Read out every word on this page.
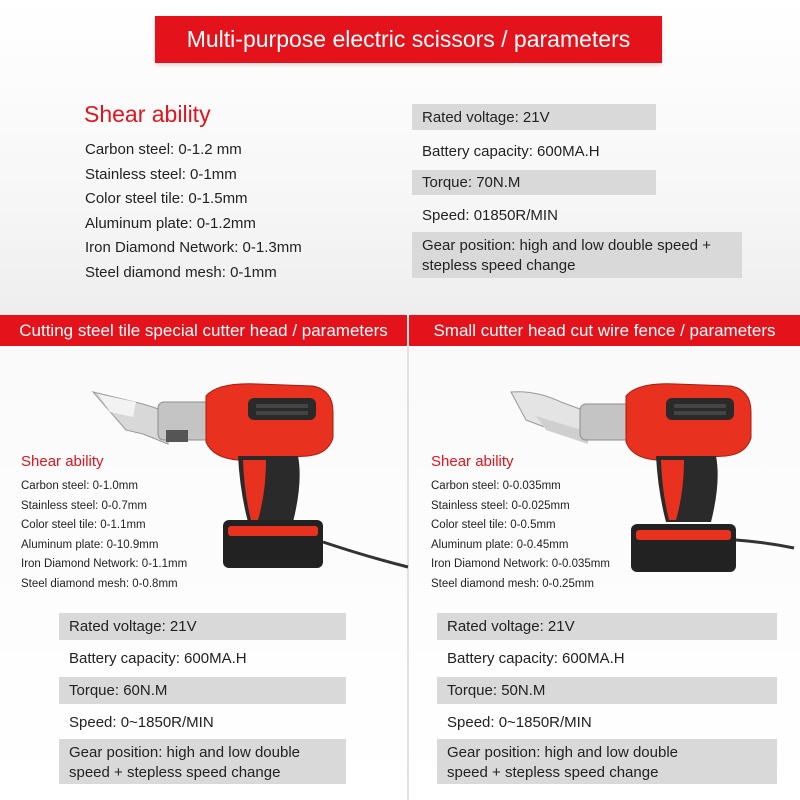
Multi-purpose electric scissors / parameters
Shear ability
Carbon steel: 0-1.2 mm
Stainless steel: 0-1mm
Color steel tile: 0-1.5mm
Aluminum plate: 0-1.2mm
Iron Diamond Network: 0-1.3mm
Steel diamond mesh: 0-1mm
Rated voltage: 21V
Battery capacity: 600MA.H
Torque: 70N.M
Speed: 01850R/MIN
Gear position: high and low double speed +
stepless speed change
Cutting steel tile special cutter head / parameters	Small cutter head cut wire fence / parameters
Shear ability
Carbon steel: 0-1.0mm
Stainless steel: 0-0.7mm
Color steel tile: 0-1.1mm
Aluminum plate: 0-10.9mm
Iron Diamond Network: 0-1.1mm
Steel diamond mesh: 0-0.8mm
Shear ability
Carbon steel: 0-0.035mm
Stainless steel: 0-0.025mm
Color steel tile: 0-0.5mm
Aluminum plate: 0-0.45mm
Iron Diamond Network: 0-0.035mm
Steel diamond mesh: 0-0.25mm
Rated voltage: 21V
Battery capacity: 600MA.H
Torque: 60N.M
Speed: 0~1850R/MIN
Gear position: high and low double
speed + stepless speed change
Rated voltage: 21V
Battery capacity: 600MA.H
Torque: 50N.M
Speed: 0~1850R/MIN
Gear position: high and low double
speed + stepless speed change
